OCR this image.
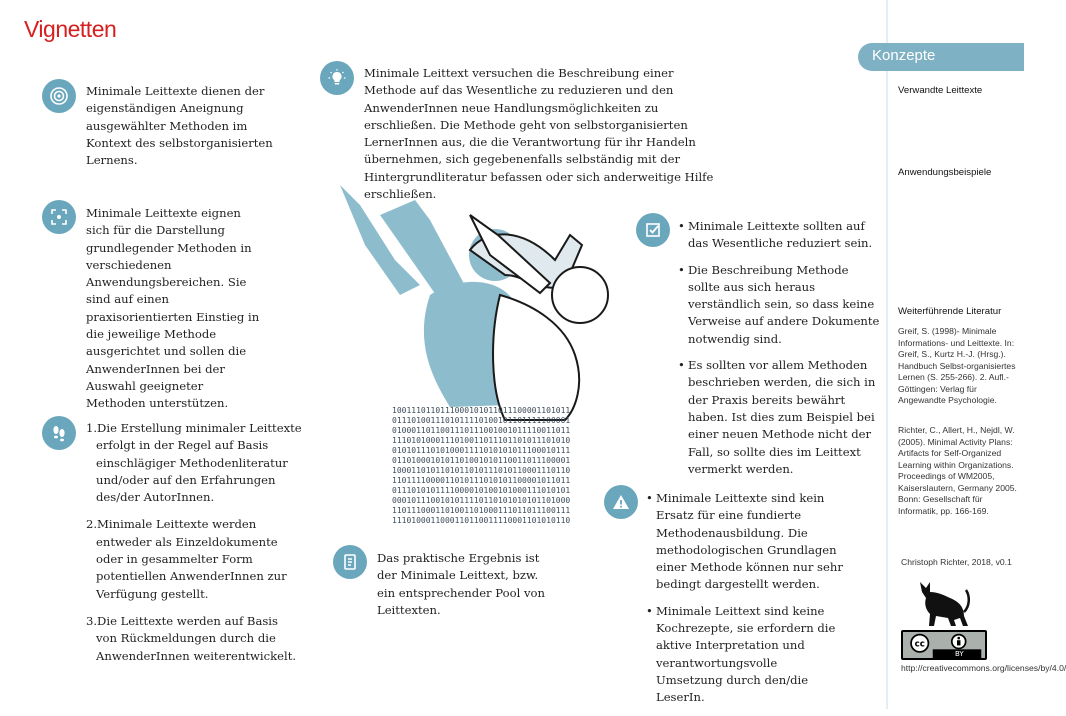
Vignetten
Minimale Leittexte dienen der eigenständigen Aneignung ausgewählter Methoden im Kontext des selbstorganisierten Lernens.
Minimale Leittexte eignen sich für die Darstellung grundlegender Methoden in verschiedenen Anwendungsbereichen. Sie sind auf einen praxisorientierten Einstieg in die jeweilige Methode ausgerichtet und sollen die AnwenderInnen bei der Auswahl geeigneter Methoden unterstützen.
1.Die Erstellung minimaler Leittexte erfolgt in der Regel auf Basis einschlägiger Methodenliteratur und/oder auf den Erfahrungen des/der AutorInnen.
2.Minimale Leittexte werden entweder als Einzeldokumente oder in gesammelter Form potentiellen AnwenderInnen zur Verfügung gestellt.
3.Die Leittexte werden auf Basis von Rückmeldungen durch die AnwenderInnen weiterentwickelt.
Minimale Leittext versuchen die Beschreibung einer Methode auf das Wesentliche zu reduzieren und den AnwenderInnen neue Handlungsmöglichkeiten zu erschließen. Die Methode geht von selbstorganisierten LernerInnen aus, die die Verantwortung für ihr Handeln übernehmen, sich gegebenenfalls selbständig mit der Hintergrundliteratur befassen oder sich anderweitige Hilfe erschließen.
1001110110111000101011011100001101011
0111010011101011110100101101111100001
0100011011001110111001001011110011011
1110101000111010011011101101011101010
0101011101010001111010101011100010111
0110100010101101001010110011011100001
1000110101101011010111010110001110110
1101111000011010111010101100001011011
0111010101111000010100101000111010101
0001011100101011110110101010101101000
1101110001101001101000111011011100111
1110100011000110110011110001101010110
Das praktische Ergebnis ist der Minimale Leittext, bzw. ein entsprechender Pool von Leittexten.
• Minimale Leittexte sollten auf das Wesentliche reduziert sein.
• Die Beschreibung Methode sollte aus sich heraus verständlich sein, so dass keine Verweise auf andere Dokumente notwendig sind.
• Es sollten vor allem Methoden beschrieben werden, die sich in der Praxis bereits bewährt haben. Ist dies zum Beispiel bei einer neuen Methode nicht der Fall, so sollte dies im Leittext vermerkt werden.
• Minimale Leittexte sind kein Ersatz für eine fundierte Methodenausbildung. Die methodologischen Grundlagen einer Methode können nur sehr bedingt dargestellt werden.
• Minimale Leittext sind keine Kochrezepte, sie erfordern die aktive Interpretation und verantwortungsvolle Umsetzung durch den/die LeserIn.
Konzepte
Verwandte Leittexte
Anwendungsbeispiele
Weiterführende Literatur
Greif, S. (1998)- Minimale Informations- und Leittexte. In: Greif, S., Kurtz H.-J. (Hrsg.). Handbuch Selbst-organisiertes Lernen (S. 255-266). 2. Aufl.- Göttingen: Verlag für Angewandte Psychologie.
Richter, C., Allert, H., Nejdl, W. (2005). Minimal Activity Plans: Artifacts for Self-Organized Learning within Organizations. Proceedings of WM2005, Kaiserslautern, Germany 2005. Bonn: Gesellschaft für Informatik, pp. 166-169.
Christoph Richter, 2018, v0.1
cc
BY
http://creativecommons.org/licenses/by/4.0/
